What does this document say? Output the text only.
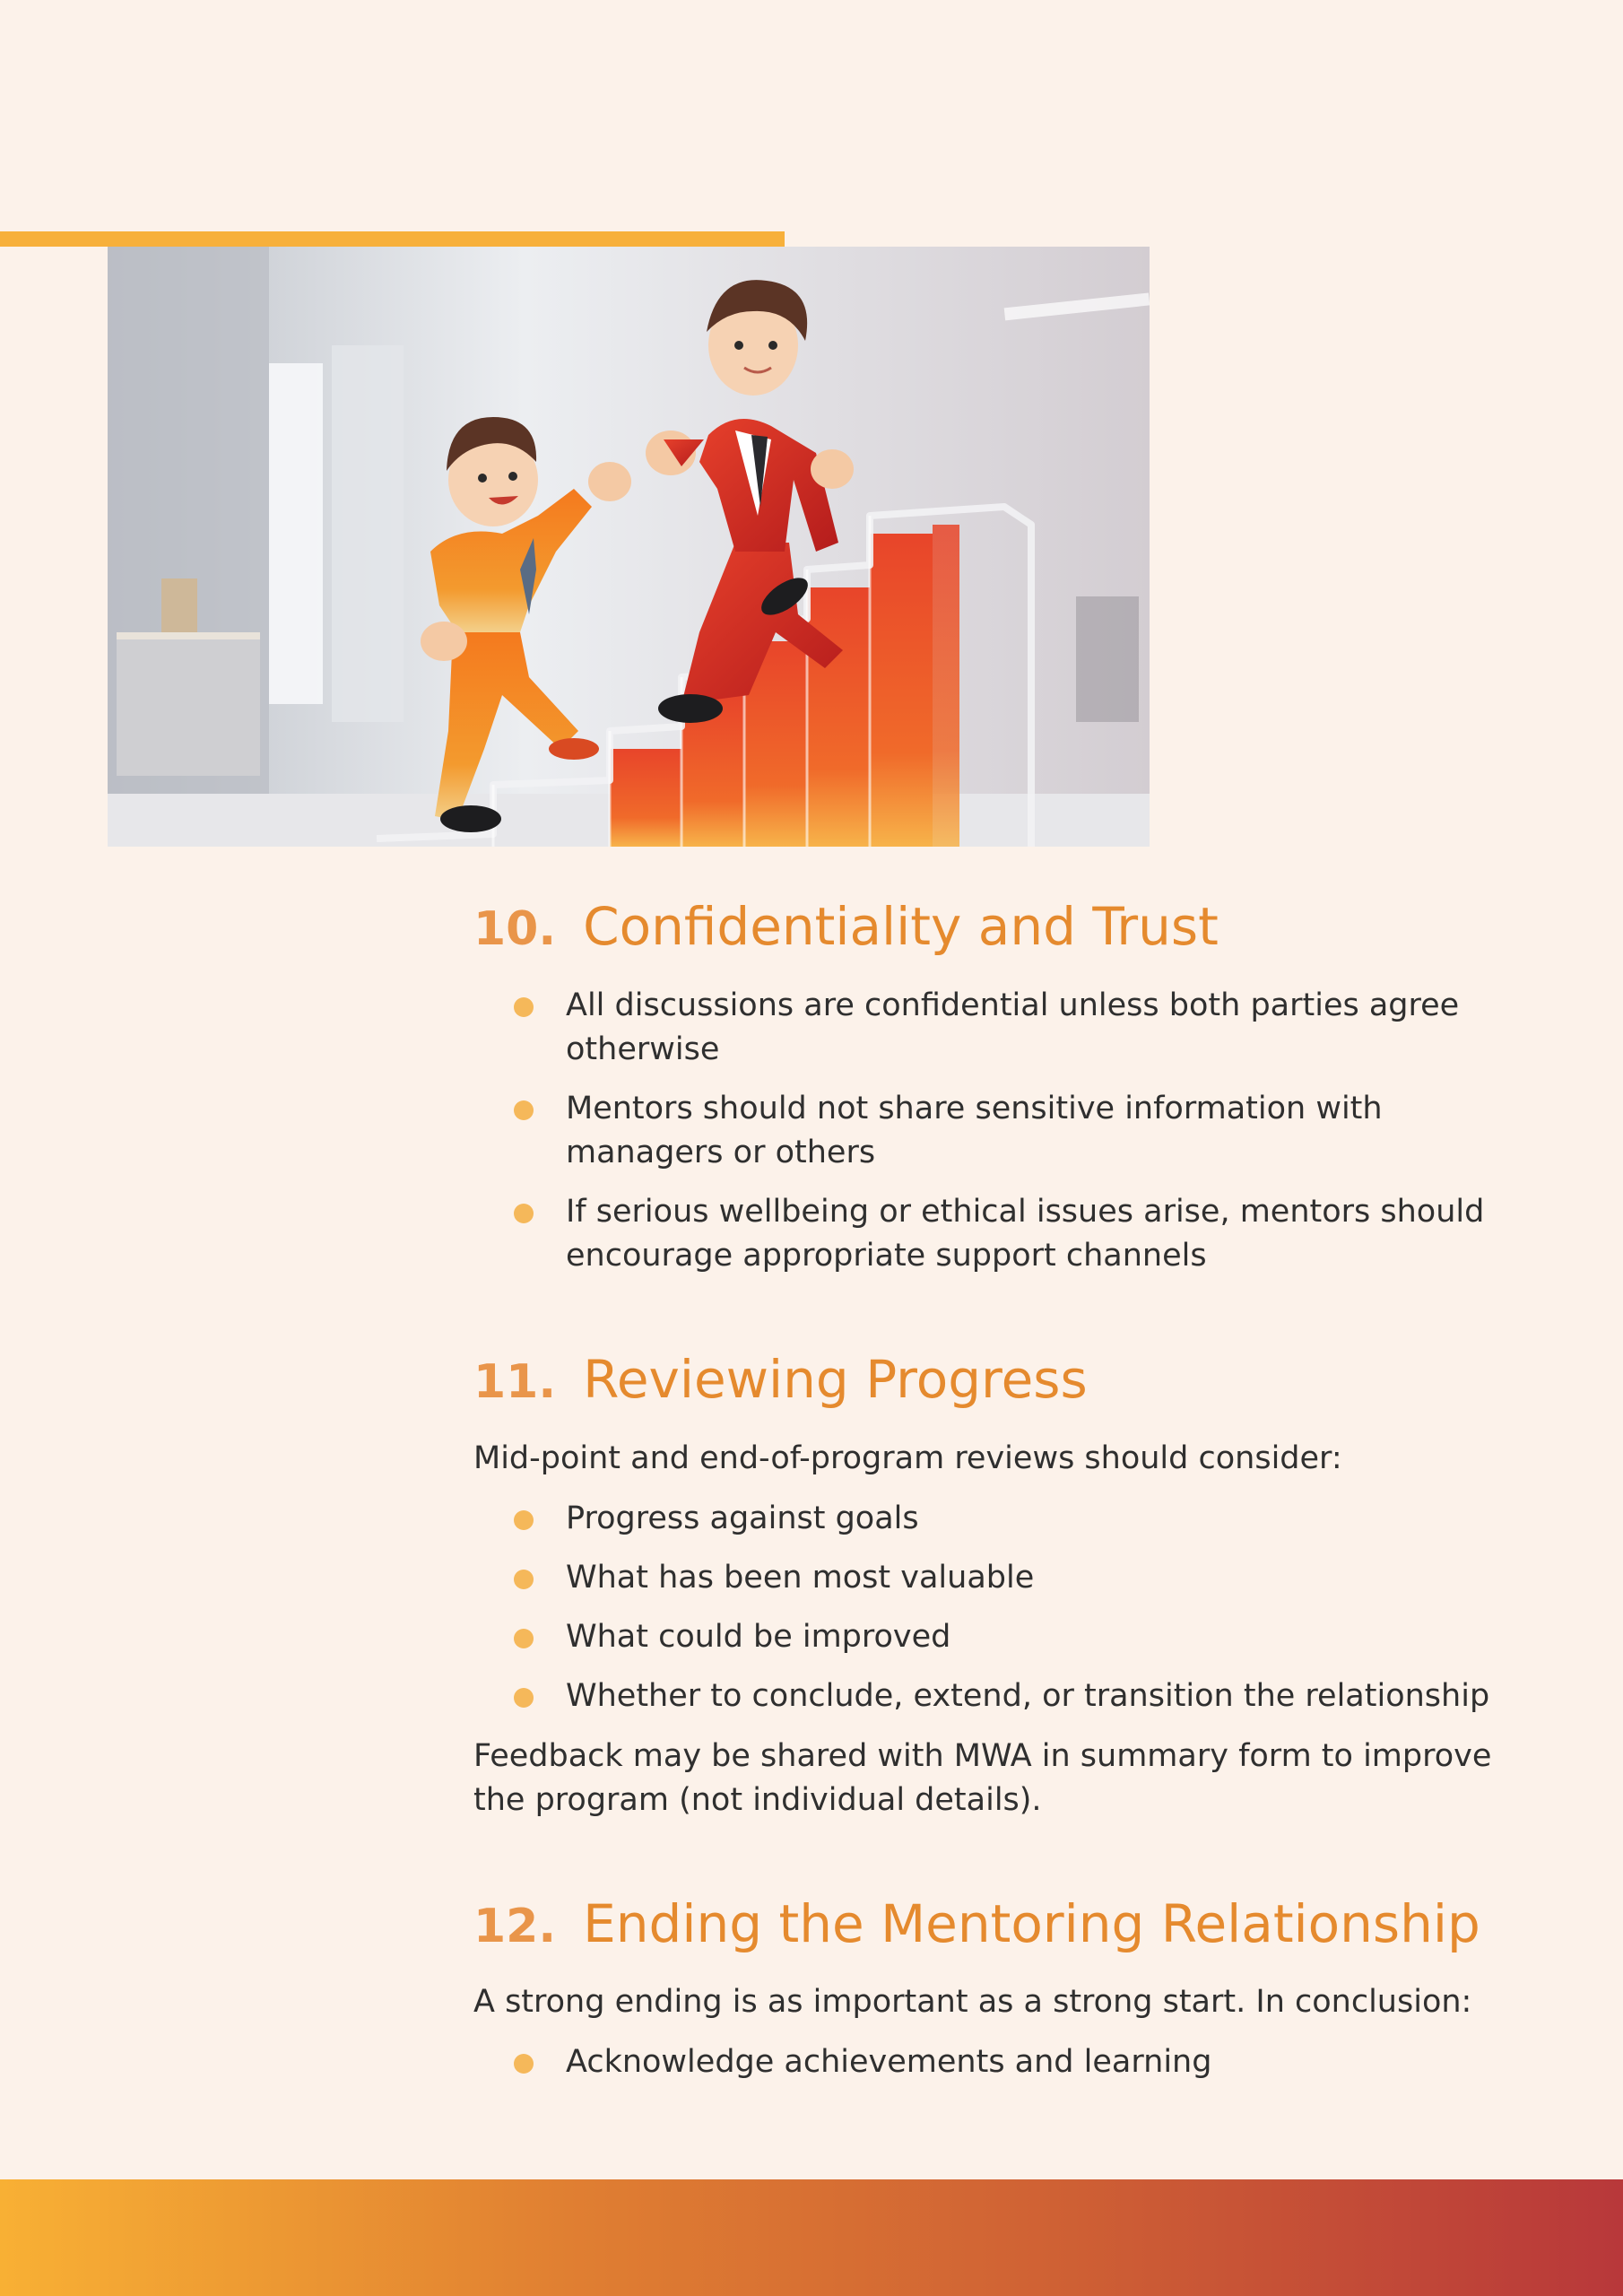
10. Confidentiality and Trust
All discussions are confidential unless both parties agree otherwise
Mentors should not share sensitive information with managers or others
If serious wellbeing or ethical issues arise, mentors should encourage appropriate support channels
11. Reviewing Progress

Mid-point and end-of-program reviews should consider:

Progress against goals
What has been most valuable
What could be improved
Whether to conclude, extend, or transition the relationship

Feedback may be shared with MWA in summary form to improve the program (not individual details).

12. Ending the Mentoring Relationship

A strong ending is as important as a strong start. In conclusion:

Acknowledge achievements and learning
